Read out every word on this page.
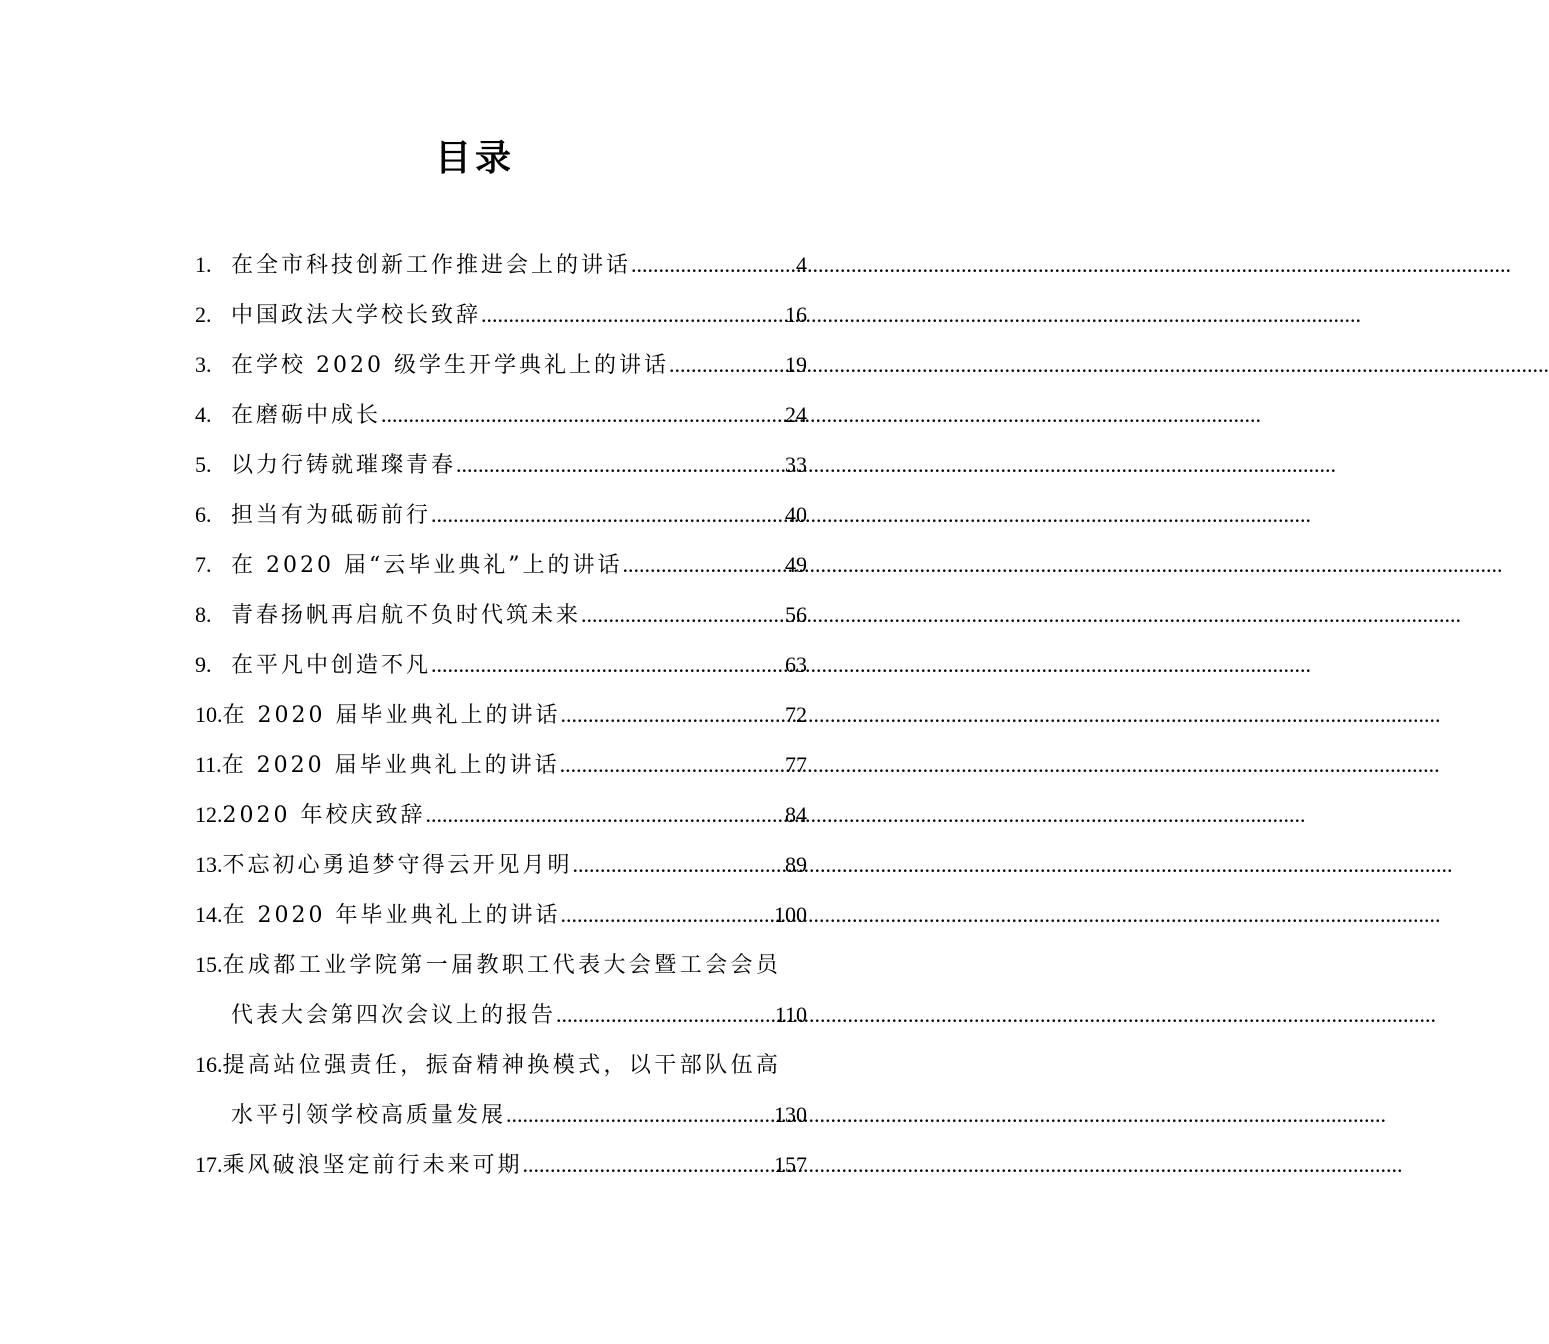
目录
1. 在全市科技创新工作推进会上的讲话 .....	4
2. 中国政法大学校长致辞 .....	16
3. 在学校 2020 级学生开学典礼上的讲话 .....	19
4. 在磨砺中成长 .....	24
5. 以力行铸就璀璨青春 .....	33
6. 担当有为砥砺前行 .....	40
7. 在 2020 届“云毕业典礼”上的讲话 .....	49
8. 青春扬帆再启航不负时代筑未来 .....	56
9. 在平凡中创造不凡 .....	63
10. 在 2020 届毕业典礼上的讲话 .....	72
11. 在 2020 届毕业典礼上的讲话 .....	77
12. 2020 年校庆致辞 .....	84
13. 不忘初心勇追梦守得云开见月明 .....	89
14. 在 2020 年毕业典礼上的讲话 .....	100
15. 在成都工业学院第一届教职工代表大会暨工会会员
代表大会第四次会议上的报告 .....	110
16. 提高站位强责任，振奋精神换模式，以干部队伍高
水平引领学校高质量发展 .....	130
17. 乘风破浪坚定前行未来可期 .....	157
